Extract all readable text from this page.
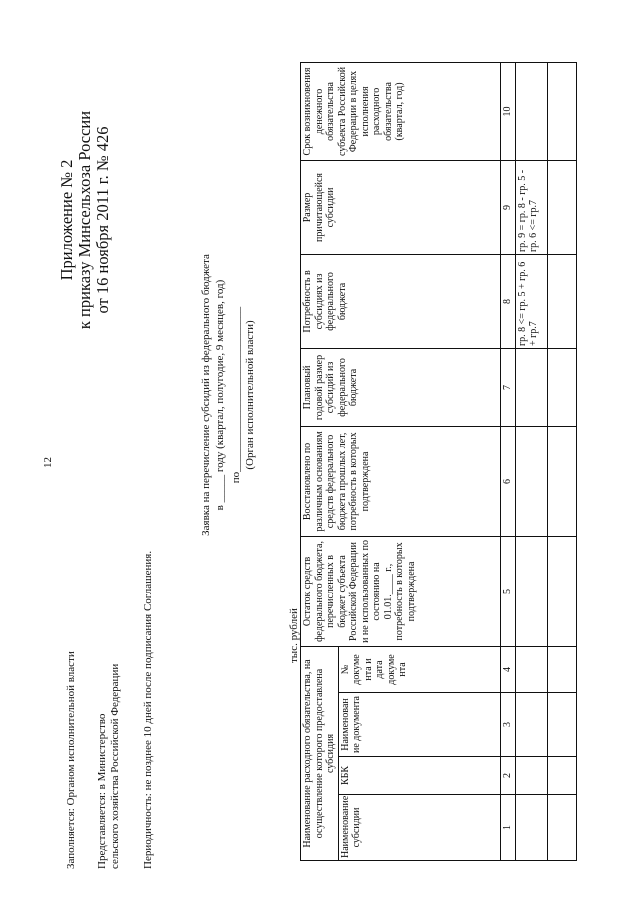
Приложение № 2 к приказу Минсельхоза России от 16 ноября 2011 г. № 426
12
Заполняется: Органом исполнительной власти Представляется: в Министерство сельского хозяйства Российской Федерации Периодичность: не позднее 10 дней после подписания Соглашения.
Заявка на перечисление субсидий из федерального бюджета в _____ году (квартал, полугодие, 9 месяцев, год) по______________________________ (Орган исполнительной власти)
тыс. рублей
Наименование расходного обязательства, на осуществление которого предоставлена субсидия				Остаток средств федерального бюджета, перечисленных в бюджет субъекта Российской Федерации и не использованных по состоянию на 01.01.____ г., потребность в которых подтверждена	Восстановлено по различным основаниям средств федерального бюджета прошлых лет, потребность в которых подтверждена	Плановый годовой размер субсидий из федерального бюджета	Потребность в субсидиях из федерального бюджета	Размер причитающейся субсидии	Срок возникновения денежного обязательства субъекта Российской Федерации в целях исполнения расходного обязательства (квартал, год)
Наименование субсидии	КБК	Наименован ие документа	№ докуме нта и дата докуме нта						
1	2	3	4	5	6	7	8	9	10
							гр. 8 <= гр. 5 + гр. 6 + гр.7	гр. 9 = гр. 8 - гр. 5 - гр. 6 <= гр.7	
